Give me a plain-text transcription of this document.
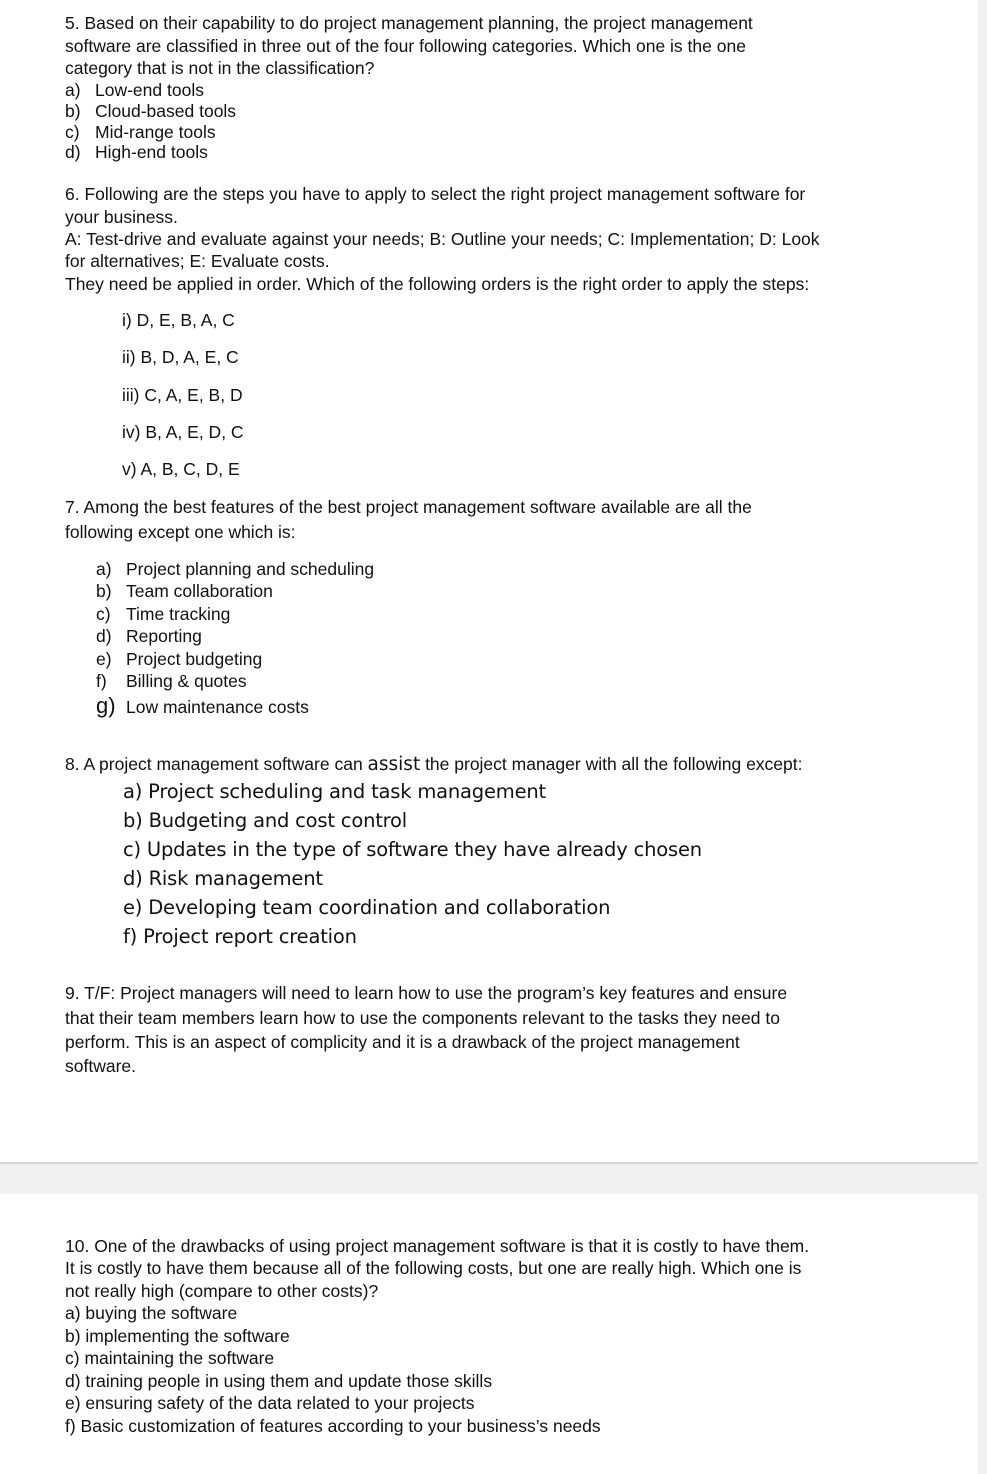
5. Based on their capability to do project management planning, the project management
software are classified in three out of the four following categories. Which one is the one
category that is not in the classification?
a) Low-end tools
b) Cloud-based tools
c) Mid-range tools
d) High-end tools
6. Following are the steps you have to apply to select the right project management software for
your business.
A: Test-drive and evaluate against your needs; B: Outline your needs; C: Implementation; D: Look
for alternatives; E: Evaluate costs.
They need be applied in order. Which of the following orders is the right order to apply the steps:
i) D, E, B, A, C
ii) B, D, A, E, C
iii) C, A, E, B, D
iv) B, A, E, D, C
v) A, B, C, D, E
7. Among the best features of the best project management software available are all the
following except one which is:
a) Project planning and scheduling
b) Team collaboration
c) Time tracking
d) Reporting
e) Project budgeting
f) Billing & quotes
g) Low maintenance costs
8. A project management software can assist the project manager with all the following except:
a) Project scheduling and task management
b) Budgeting and cost control
c) Updates in the type of software they have already chosen
d) Risk management
e) Developing team coordination and collaboration
f) Project report creation
9. T/F: Project managers will need to learn how to use the program’s key features and ensure
that their team members learn how to use the components relevant to the tasks they need to
perform. This is an aspect of complicity and it is a drawback of the project management
software.
10. One of the drawbacks of using project management software is that it is costly to have them.
It is costly to have them because all of the following costs, but one are really high. Which one is
not really high (compare to other costs)?
a) buying the software
b) implementing the software
c) maintaining the software
d) training people in using them and update those skills
e) ensuring safety of the data related to your projects
f) Basic customization of features according to your business’s needs
